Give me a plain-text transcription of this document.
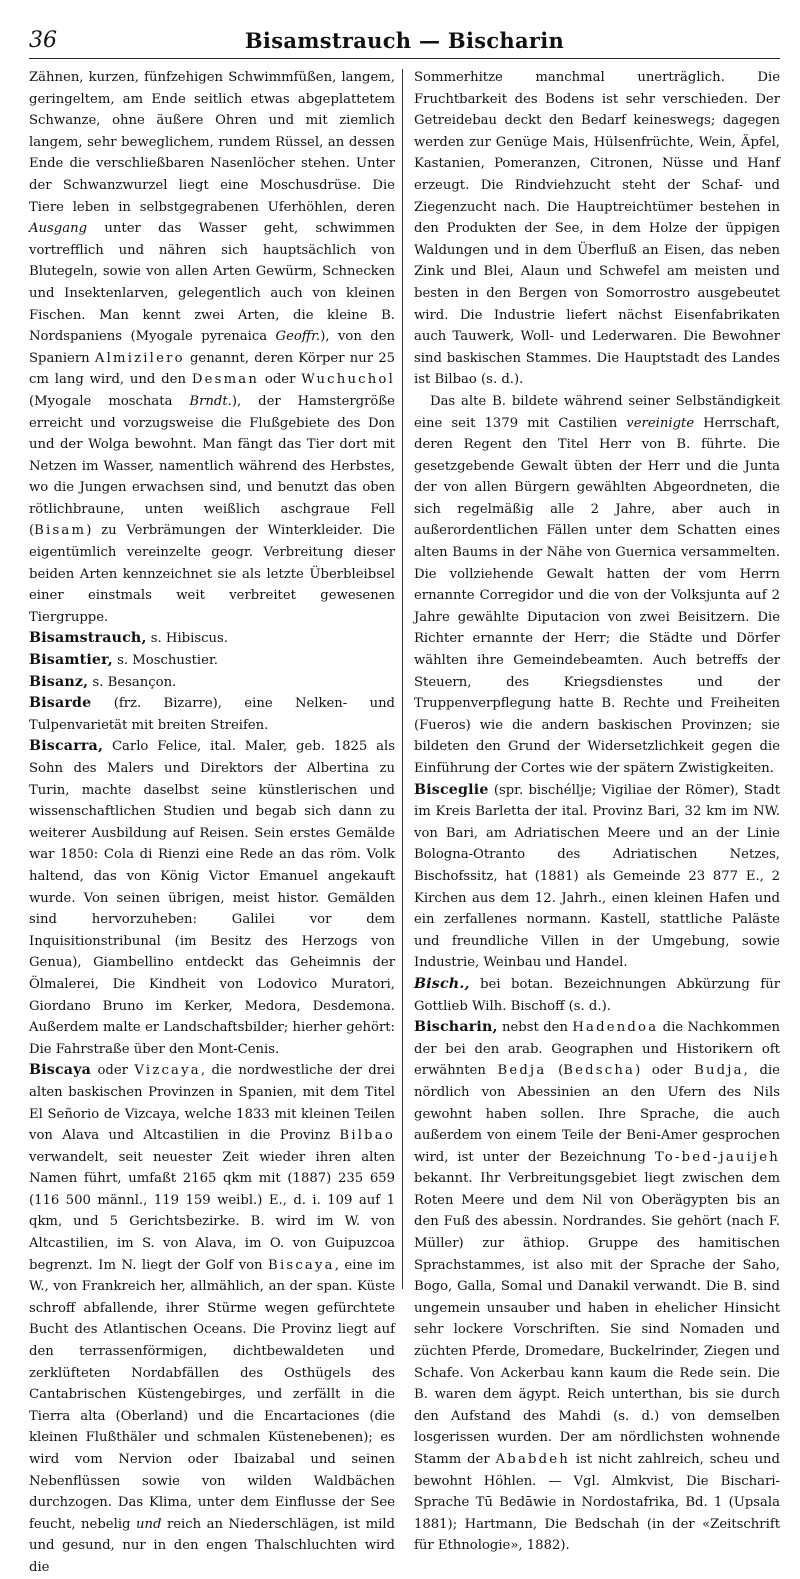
36	Bisamstrauch — Bischarin

Zähnen, kurzen, fünfzehigen Schwimmfüßen, langem, geringeltem, am Ende seitlich etwas abgeplattetem Schwanze, ohne äußere Ohren und mit ziemlich langem, sehr beweglichem, rundem Rüssel, an dessen Ende die verschließbaren Nasenlöcher stehen. Unter der Schwanzwurzel liegt eine Moschusdrüse. Die Tiere leben in selbstgegrabenen Uferhöhlen, deren Ausgang unter das Wasser geht, schwimmen vortrefflich und nähren sich hauptsächlich von Blutegeln, sowie von allen Arten Gewürm, Schnecken und Insektenlarven, gelegentlich auch von kleinen Fischen. Man kennt zwei Arten, die kleine B. Nordspaniens (Myogale pyrenaica Geoffr.), von den Spaniern Almizilero genannt, deren Körper nur 25 cm lang wird, und den Desman oder Wuchuchol (Myogale moschata Brndt.), der Hamstergröße erreicht und vorzugsweise die Flußgebiete des Don und der Wolga bewohnt. Man fängt das Tier dort mit Netzen im Wasser, namentlich während des Herbstes, wo die Jungen erwachsen sind, und benutzt das oben rötlichbraune, unten weißlich aschgraue Fell (Bisam) zu Verbrämungen der Winterkleider. Die eigentümlich vereinzelte geogr. Verbreitung dieser beiden Arten kennzeichnet sie als letzte Überbleibsel einer einstmals weit verbreitet gewesenen Tiergruppe.

Bisamstrauch, s. Hibiscus.

Bisamtier, s. Moschustier.

Bisanz, s. Besançon.

Bisarde (frz. Bizarre), eine Nelken- und Tulpenvarietät mit breiten Streifen.

Biscarra, Carlo Felice, ital. Maler, geb. 1825 als Sohn des Malers und Direktors der Albertina zu Turin, machte daselbst seine künstlerischen und wissenschaftlichen Studien und begab sich dann zu weiterer Ausbildung auf Reisen. Sein erstes Gemälde war 1850: Cola di Rienzi eine Rede an das röm. Volk haltend, das von König Victor Emanuel angekauft wurde. Von seinen übrigen, meist histor. Gemälden sind hervorzuheben: Galilei vor dem Inquisitionstribunal (im Besitz des Herzogs von Genua), Giambellino entdeckt das Geheimnis der Ölmalerei, Die Kindheit von Lodovico Muratori, Giordano Bruno im Kerker, Medora, Desdemona. Außerdem malte er Landschaftsbilder; hierher gehört: Die Fahrstraße über den Mont-Cenis.

Biscaya oder Vizcaya, die nordwestliche der drei alten baskischen Provinzen in Spanien, mit dem Titel El Señorio de Vizcaya, welche 1833 mit kleinen Teilen von Alava und Altcastilien in die Provinz Bilbao verwandelt, seit neuester Zeit wieder ihren alten Namen führt, umfaßt 2165 qkm mit (1887) 235 659 (116 500 männl., 119 159 weibl.) E., d. i. 109 auf 1 qkm, und 5 Gerichtsbezirke. B. wird im W. von Altcastilien, im S. von Alava, im O. von Guipuzcoa begrenzt. Im N. liegt der Golf von Biscaya, eine im W., von Frankreich her, allmählich, an der span. Küste schroff abfallende, ihrer Stürme wegen gefürchtete Bucht des Atlantischen Oceans. Die Provinz liegt auf den terrassenförmigen, dichtbewaldeten und zerklüfteten Nordabfällen des Osthügels des Cantabrischen Küstengebirges, und zerfällt in die Tierra alta (Oberland) und die Encartaciones (die kleinen Flußthäler und schmalen Küstenebenen); es wird vom Nervion oder Ibaizabal und seinen Nebenflüssen sowie von wilden Waldbächen durchzogen. Das Klima, unter dem Einflusse der See feucht, nebelig und reich an Niederschlägen, ist mild und gesund, nur in den engen Thalschluchten wird die

Sommerhitze manchmal unerträglich. Die Fruchtbarkeit des Bodens ist sehr verschieden. Der Getreidebau deckt den Bedarf keineswegs; dagegen werden zur Genüge Mais, Hülsenfrüchte, Wein, Äpfel, Kastanien, Pomeranzen, Citronen, Nüsse und Hanf erzeugt. Die Rindviehzucht steht der Schaf- und Ziegenzucht nach. Die Hauptreichtümer bestehen in den Produkten der See, in dem Holze der üppigen Waldungen und in dem Überfluß an Eisen, das neben Zink und Blei, Alaun und Schwefel am meisten und besten in den Bergen von Somorrostro ausgebeutet wird. Die Industrie liefert nächst Eisenfabrikaten auch Tauwerk, Woll- und Lederwaren. Die Bewohner sind baskischen Stammes. Die Hauptstadt des Landes ist Bilbao (s. d.).

Das alte B. bildete während seiner Selbständigkeit eine seit 1379 mit Castilien vereinigte Herrschaft, deren Regent den Titel Herr von B. führte. Die gesetzgebende Gewalt übten der Herr und die Junta der von allen Bürgern gewählten Abgeordneten, die sich regelmäßig alle 2 Jahre, aber auch in außerordentlichen Fällen unter dem Schatten eines alten Baums in der Nähe von Guernica versammelten. Die vollziehende Gewalt hatten der vom Herrn ernannte Corregidor und die von der Volksjunta auf 2 Jahre gewählte Diputacion von zwei Beisitzern. Die Richter ernannte der Herr; die Städte und Dörfer wählten ihre Gemeindebeamten. Auch betreffs der Steuern, des Kriegsdienstes und der Truppenverpflegung hatte B. Rechte und Freiheiten (Fueros) wie die andern baskischen Provinzen; sie bildeten den Grund der Widersetzlichkeit gegen die Einführung der Cortes wie der spätern Zwistigkeiten.

Bisceglie (spr. bischéllje; Vigiliae der Römer), Stadt im Kreis Barletta der ital. Provinz Bari, 32 km im NW. von Bari, am Adriatischen Meere und an der Linie Bologna-Otranto des Adriatischen Netzes, Bischofssitz, hat (1881) als Gemeinde 23 877 E., 2 Kirchen aus dem 12. Jahrh., einen kleinen Hafen und ein zerfallenes normann. Kastell, stattliche Paläste und freundliche Villen in der Umgebung, sowie Industrie, Weinbau und Handel.

Bisch., bei botan. Bezeichnungen Abkürzung für Gottlieb Wilh. Bischoff (s. d.).

Bischarin, nebst den Hadendoa die Nachkommen der bei den arab. Geographen und Historikern oft erwähnten Bedja (Bedscha) oder Budja, die nördlich von Abessinien an den Ufern des Nils gewohnt haben sollen. Ihre Sprache, die auch außerdem von einem Teile der Beni-Amer gesprochen wird, ist unter der Bezeichnung To-bed-jauijeh bekannt. Ihr Verbreitungsgebiet liegt zwischen dem Roten Meere und dem Nil von Oberägypten bis an den Fuß des abessin. Nordrandes. Sie gehört (nach F. Müller) zur äthiop. Gruppe des hamitischen Sprachstammes, ist also mit der Sprache der Saho, Bogo, Galla, Somal und Danakil verwandt. Die B. sind ungemein unsauber und haben in ehelicher Hinsicht sehr lockere Vorschriften. Sie sind Nomaden und züchten Pferde, Dromedare, Buckelrinder, Ziegen und Schafe. Von Ackerbau kann kaum die Rede sein. Die B. waren dem ägypt. Reich unterthan, bis sie durch den Aufstand des Mahdi (s. d.) von demselben losgerissen wurden. Der am nördlichsten wohnende Stamm der Ababdeh ist nicht zahlreich, scheu und bewohnt Höhlen. — Vgl. Almkvist, Die Bischari-Sprache Tū Bedāwie in Nordostafrika, Bd. 1 (Upsala 1881); Hartmann, Die Bedschah (in der «Zeitschrift für Ethnologie», 1882).
